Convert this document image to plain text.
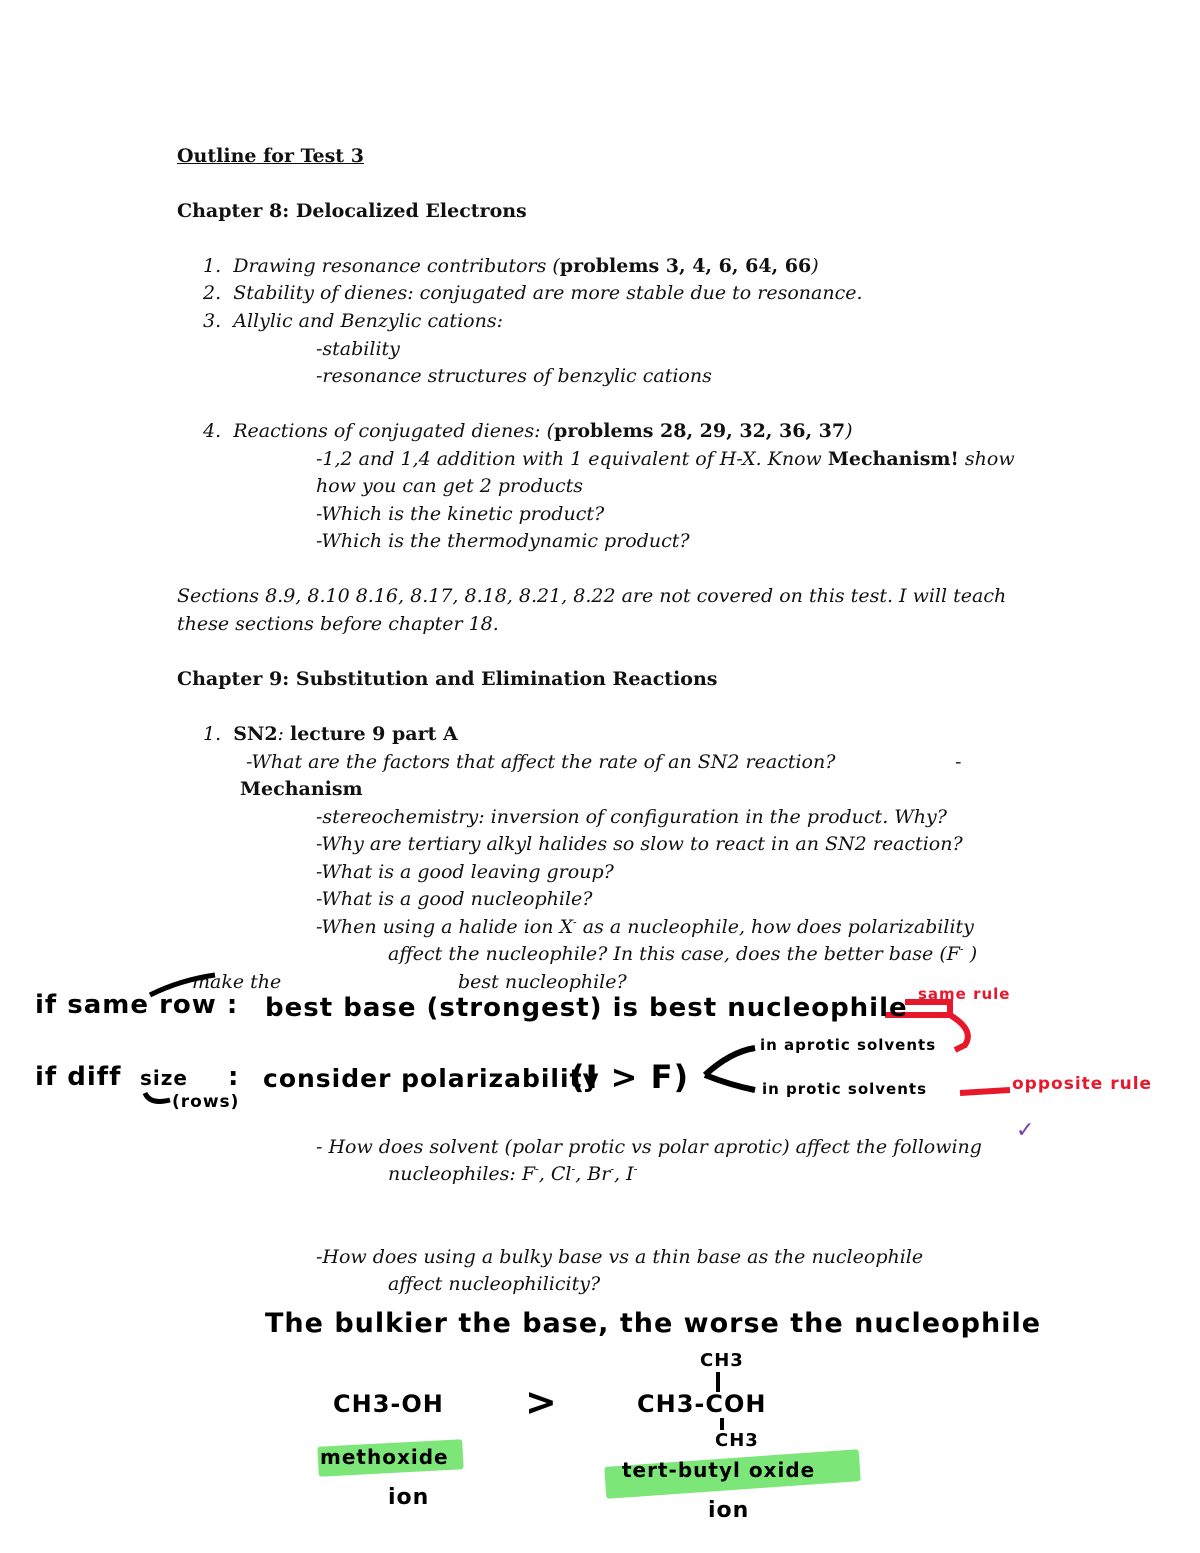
Outline for Test 3
Chapter 8: Delocalized Electrons
1. Drawing resonance contributors (problems 3, 4, 6, 64, 66)
2. Stability of dienes: conjugated are more stable due to resonance.
3. Allylic and Benzylic cations:
-stability
-resonance structures of benzylic cations
4. Reactions of conjugated dienes: (problems 28, 29, 32, 36, 37)
-1,2 and 1,4 addition with 1 equivalent of H-X. Know Mechanism! show
how you can get 2 products
-Which is the kinetic product?
-Which is the thermodynamic product?
Sections 8.9, 8.10 8.16, 8.17, 8.18, 8.21, 8.22 are not covered on this test. I will teach
these sections before chapter 18.
Chapter 9: Substitution and Elimination Reactions
1. SN2: lecture 9 part A
-What are the factors that affect the rate of an SN2 reaction?	-
Mechanism
-stereochemistry: inversion of configuration in the product. Why?
-Why are tertiary alkyl halides so slow to react in an SN2 reaction?
-What is a good leaving group?
-What is a good nucleophile?
-When using a halide ion X- as a nucleophile, how does polarizability
affect the nucleophile? In this case, does the better base (F- )
make the	best nucleophile?
- How does solvent (polar protic vs polar aprotic) affect the following
nucleophiles: F-, Cl-, Br-, I-
-How does using a bulky base vs a thin base as the nucleophile
affect nucleophilicity?
if same row : best base (strongest) is best nucleophile same rule
if diff size
(rows)
: consider polarizability
(I > F)
in aprotic solvents
in protic solvents	opposite rule
✓
The bulkier the base, the worse the nucleophile
CH3-OH >
CH3
CH3-COH
CH3
methoxide
ion
tert-butyl oxide
ion
